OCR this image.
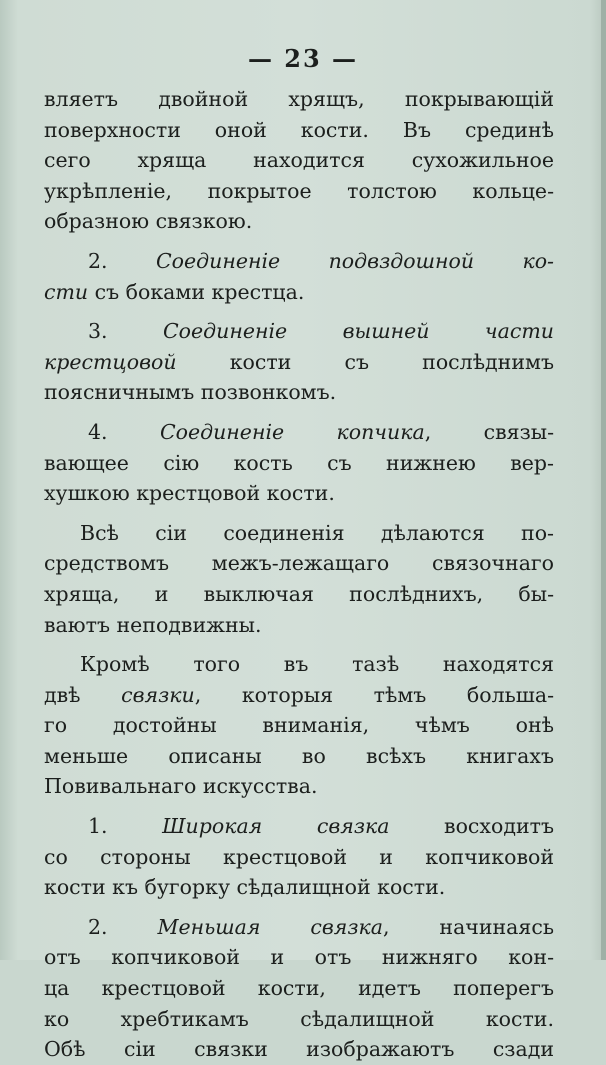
— 23 —
вляетъ двойной хрящъ, покрывающій
поверхности оной кости. Въ срединѣ
сего хряща находится сухожильное
укрѣпленіе, покрытое толстою кольце-
образною связкою.
2. Соединеніе подвздошной ко-
сти съ боками крестца.
3.	Соединеніе вышней части
крестцовой кости съ послѣднимъ
поясничнымъ позвонкомъ.
4.	Соединеніе копчика, связы-
вающее сію кость съ нижнею вер-
хушкою крестцовой кости.
Всѣ сіи соединенія дѣлаются по-
средствомъ межъ-лежащаго связочнаго
хряща, и выключая послѣднихъ, бы-
ваютъ неподвижны.
Кромѣ того въ тазѣ находятся
двѣ связки, которыя тѣмъ большa-
го достойны вниманія, чѣмъ онѣ
меньше описаны во всѣхъ книгахъ
Повивальнаго искусства.
1.	Широкая связка восходитъ
со стороны крестцовой и копчиковой
кости къ бугорку сѣдалищной кости.
2. Меньшая связка, начинаясь
отъ копчиковой и отъ нижняго кон-
ца крестцовой кости, идетъ поперегъ
ко хребтикамъ сѣдалищной кости.
Обѣ сіи связки изображаютъ сзади
